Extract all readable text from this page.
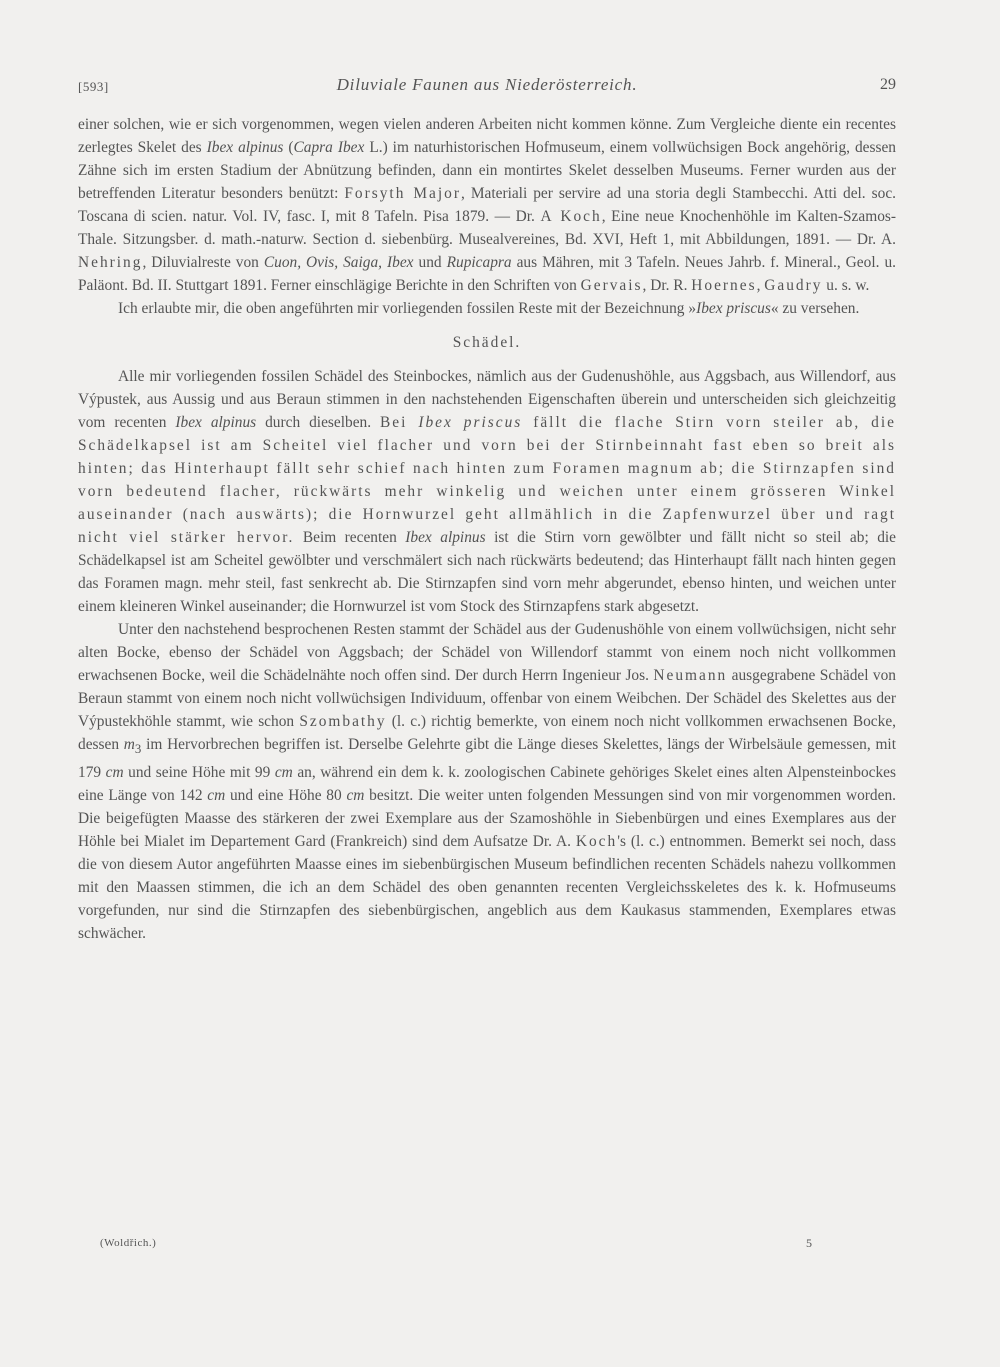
[593]	Diluviale Faunen aus Niederösterreich.	29

einer solchen, wie er sich vorgenommen, wegen vielen anderen Arbeiten nicht kommen könne. Zum Vergleiche diente ein recentes zerlegtes Skelet des Ibex alpinus (Capra Ibex L.) im naturhistorischen Hofmuseum, einem vollwüchsigen Bock angehörig, dessen Zähne sich im ersten Stadium der Abnützung befinden, dann ein montirtes Skelet desselben Museums. Ferner wurden aus der betreffenden Literatur besonders benützt: Forsyth Major, Materiali per servire ad una storia degli Stambecchi. Atti del. soc. Toscana di scien. natur. Vol. IV, fasc. I, mit 8 Tafeln. Pisa 1879. — Dr. A Koch, Eine neue Knochenhöhle im Kalten-Szamos-Thale. Sitzungsber. d. math.-naturw. Section d. siebenbürg. Musealvereines, Bd. XVI, Heft 1, mit Abbildungen, 1891. — Dr. A. Nehring, Diluvialreste von Cuon, Ovis, Saiga, Ibex und Rupicapra aus Mähren, mit 3 Tafeln. Neues Jahrb. f. Mineral., Geol. u. Paläont. Bd. II. Stuttgart 1891. Ferner einschlägige Berichte in den Schriften von Gervais, Dr. R. Hoernes, Gaudry u. s. w.

Ich erlaubte mir, die oben angeführten mir vorliegenden fossilen Reste mit der Bezeichnung »Ibex priscus« zu versehen.

Schädel.

Alle mir vorliegenden fossilen Schädel des Steinbockes, nämlich aus der Gudenushöhle, aus Aggsbach, aus Willendorf, aus Výpustek, aus Aussig und aus Beraun stimmen in den nachstehenden Eigenschaften überein und unterscheiden sich gleichzeitig vom recenten Ibex alpinus durch dieselben. Bei Ibex priscus fällt die flache Stirn vorn steiler ab, die Schädelkapsel ist am Scheitel viel flacher und vorn bei der Stirnbeinnaht fast eben so breit als hinten; das Hinterhaupt fällt sehr schief nach hinten zum Foramen magnum ab; die Stirnzapfen sind vorn bedeutend flacher, rückwärts mehr winkelig und weichen unter einem grösseren Winkel auseinander (nach auswärts); die Hornwurzel geht allmählich in die Zapfenwurzel über und ragt nicht viel stärker hervor. Beim recenten Ibex alpinus ist die Stirn vorn gewölbter und fällt nicht so steil ab; die Schädelkapsel ist am Scheitel gewölbter und verschmälert sich nach rückwärts bedeutend; das Hinterhaupt fällt nach hinten gegen das Foramen magn. mehr steil, fast senkrecht ab. Die Stirnzapfen sind vorn mehr abgerundet, ebenso hinten, und weichen unter einem kleineren Winkel auseinander; die Hornwurzel ist vom Stock des Stirnzapfens stark abgesetzt.

Unter den nachstehend besprochenen Resten stammt der Schädel aus der Gudenushöhle von einem vollwüchsigen, nicht sehr alten Bocke, ebenso der Schädel von Aggsbach; der Schädel von Willendorf stammt von einem noch nicht vollkommen erwachsenen Bocke, weil die Schädelnähte noch offen sind. Der durch Herrn Ingenieur Jos. Neumann ausgegrabene Schädel von Beraun stammt von einem noch nicht vollwüchsigen Individuum, offenbar von einem Weibchen. Der Schädel des Skelettes aus der Výpustekhöhle stammt, wie schon Szombathy (l. c.) richtig bemerkte, von einem noch nicht vollkommen erwachsenen Bocke, dessen $m_3$ im Hervorbrechen begriffen ist. Derselbe Gelehrte gibt die Länge dieses Skelettes, längs der Wirbelsäule gemessen, mit 179 cm und seine Höhe mit 99 cm an, während ein dem k. k. zoologischen Cabinete gehöriges Skelet eines alten Alpensteinbockes eine Länge von 142 cm und eine Höhe 80 cm besitzt. Die weiter unten folgenden Messungen sind von mir vorgenommen worden. Die beigefügten Maasse des stärkeren der zwei Exemplare aus der Szamoshöhle in Siebenbürgen und eines Exemplares aus der Höhle bei Mialet im Departement Gard (Frankreich) sind dem Aufsatze Dr. A. Koch's (l. c.) entnommen. Bemerkt sei noch, dass die von diesem Autor angeführten Maasse eines im siebenbürgischen Museum befindlichen recenten Schädels nahezu vollkommen mit den Maassen stimmen, die ich an dem Schädel des oben genannten recenten Vergleichsskeletes des k. k. Hofmuseums vorgefunden, nur sind die Stirnzapfen des siebenbürgischen, angeblich aus dem Kaukasus stammenden, Exemplares etwas schwächer.

(Woldřich.)	5
